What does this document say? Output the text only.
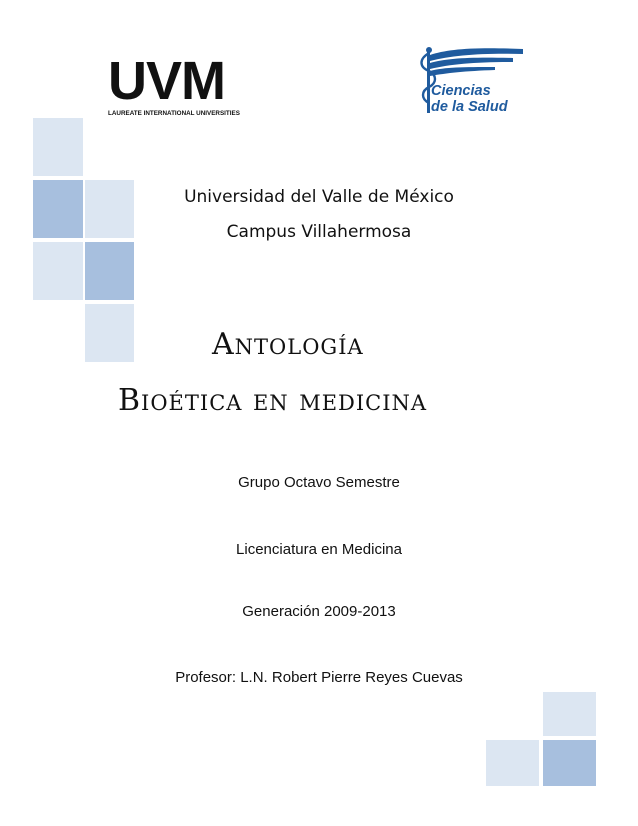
UVM
LAUREATE INTERNATIONAL UNIVERSITIES
Ciencias
de la Salud
Universidad del Valle de México
Campus Villahermosa
Antología
Bioética en medicina
Grupo Octavo Semestre
Licenciatura en Medicina
Generación 2009-2013
Profesor: L.N. Robert Pierre Reyes Cuevas
